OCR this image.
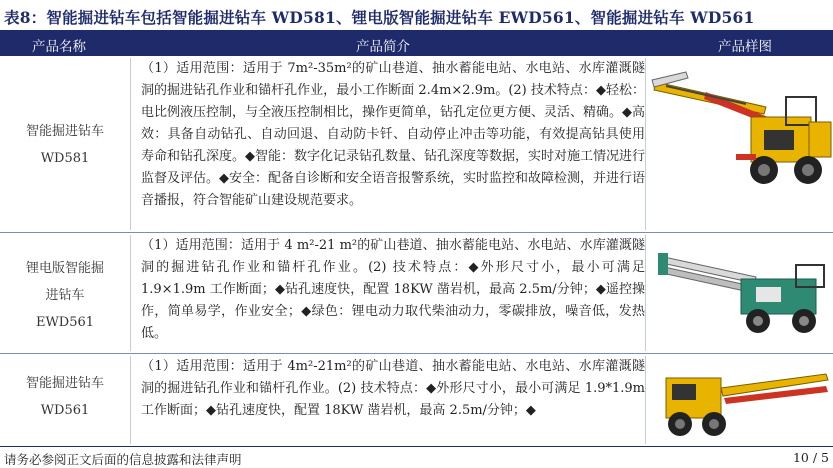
表8：智能掘进钻车包括智能掘进钻车 WD581、锂电版智能掘进钻车 EWD561、智能掘进钻车 WD561
产品名称	产品简介	产品样图
智能掘进钻车
WD581

（1）适用范围：适用于 7m²-35m²的矿山巷道、抽水蓄能电站、水电站、水库灌溉隧洞的掘进钻孔作业和锚杆孔作业，最小工作断面 2.4m×2.9m。(2) 技术特点：◆轻松：电比例液压控制，与全液压控制相比，操作更简单，钻孔定位更方便、灵活、精确。◆高效：具备自动钻孔、自动回退、自动防卡钎、自动停止冲击等功能，有效提高钻具使用寿命和钻孔深度。◆智能：数字化记录钻孔数量、钻孔深度等数据，实时对施工情况进行监督及评估。◆安全：配备自诊断和安全语音报警系统，实时监控和故障检测，并进行语音播报，符合智能矿山建设规范要求。

锂电版智能掘
进钻车
EWD561

（1）适用范围：适用于 4 m²-21 m²的矿山巷道、抽水蓄能电站、水电站、水库灌溉隧洞的掘进钻孔作业和锚杆孔作业。(2) 技术特点：◆外形尺寸小，最小可满足 1.9×1.9m 工作断面；◆钻孔速度快，配置 18KW 凿岩机，最高 2.5m/分钟；◆遥控操作，简单易学，作业安全；◆绿色：锂电动力取代柴油动力，零碳排放，噪音低，发热低。

智能掘进钻车
WD561

（1）适用范围：适用于 4m²-21m²的矿山巷道、抽水蓄能电站、水电站、水库灌溉隧洞的掘进钻孔作业和锚杆孔作业。(2) 技术特点：◆外形尺寸小，最小可满足 1.9*1.9m 工作断面；◆钻孔速度快，配置 18KW 凿岩机，最高 2.5m/分钟；◆

请务必参阅正文后面的信息披露和法律声明	10 / 5
